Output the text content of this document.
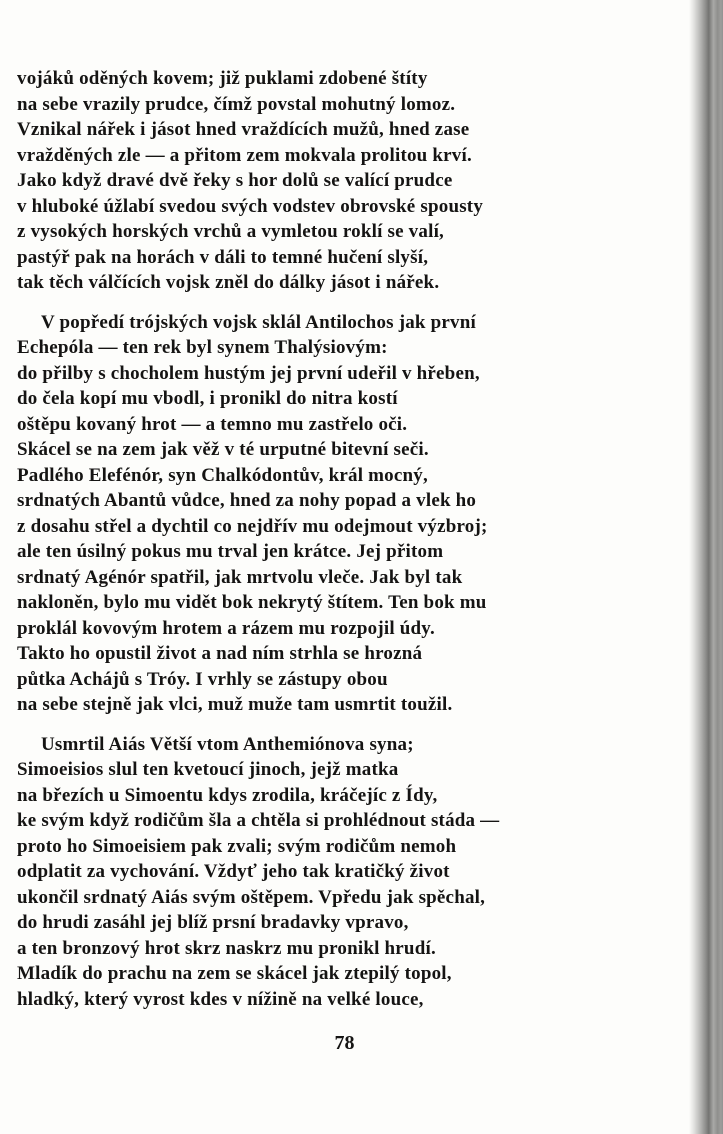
vojáků oděných kovem; již puklami zdobené štíty
na sebe vrazily prudce, čímž povstal mohutný lomoz.
Vznikal nářek i jásot hned vraždících mužů, hned zase
vražděných zle — a přitom zem mokvala prolitou krví.
Jako když dravé dvě řeky s hor dolů se valící prudce
v hluboké úžlabí svedou svých vodstev obrovské spousty
z vysokých horských vrchů a vymletou roklí se valí,
pastýř pak na horách v dáli to temné hučení slyší,
tak těch válčících vojsk zněl do dálky jásot i nářek.

V popředí trójských vojsk sklál Antilochos jak první
Echepóla — ten rek byl synem Thalýsiovým:
do přilby s chocholem hustým jej první udeřil v hřeben,
do čela kopí mu vbodl, i pronikl do nitra kostí
oštěpu kovaný hrot — a temno mu zastřelo oči.
Skácel se na zem jak věž v té urputné bitevní seči.
Padlého Elefénór, syn Chalkódontův, král mocný,
srdnatých Abantů vůdce, hned za nohy popad a vlek ho
z dosahu střel a dychtil co nejdřív mu odejmout výzbroj;
ale ten úsilný pokus mu trval jen krátce. Jej přitom
srdnatý Agénór spatřil, jak mrtvolu vleče. Jak byl tak
nakloněn, bylo mu vidět bok nekrytý štítem. Ten bok mu
proklál kovovým hrotem a rázem mu rozpojil údy.
Takto ho opustil život a nad ním strhla se hrozná
půtka Achájů s Tróy. I vrhly se zástupy obou
na sebe stejně jak vlci, muž muže tam usmrtit toužil.

Usmrtil Aiás Větší vtom Anthemiónova syna;
Simoeisios slul ten kvetoucí jinoch, jejž matka
na březích u Simoentu kdys zrodila, kráčejíc z Ídy,
ke svým když rodičům šla a chtěla si prohlédnout stáda —
proto ho Simoeisiem pak zvali; svým rodičům nemoh
odplatit za vychování. Vždyť jeho tak kratičký život
ukončil srdnatý Aiás svým oštěpem. Vpředu jak spěchal,
do hrudi zasáhl jej blíž prsní bradavky vpravo,
a ten bronzový hrot skrz naskrz mu pronikl hrudí.
Mladík do prachu na zem se skácel jak ztepilý topol,
hladký, který vyrost kdes v nížině na velké louce,

78
